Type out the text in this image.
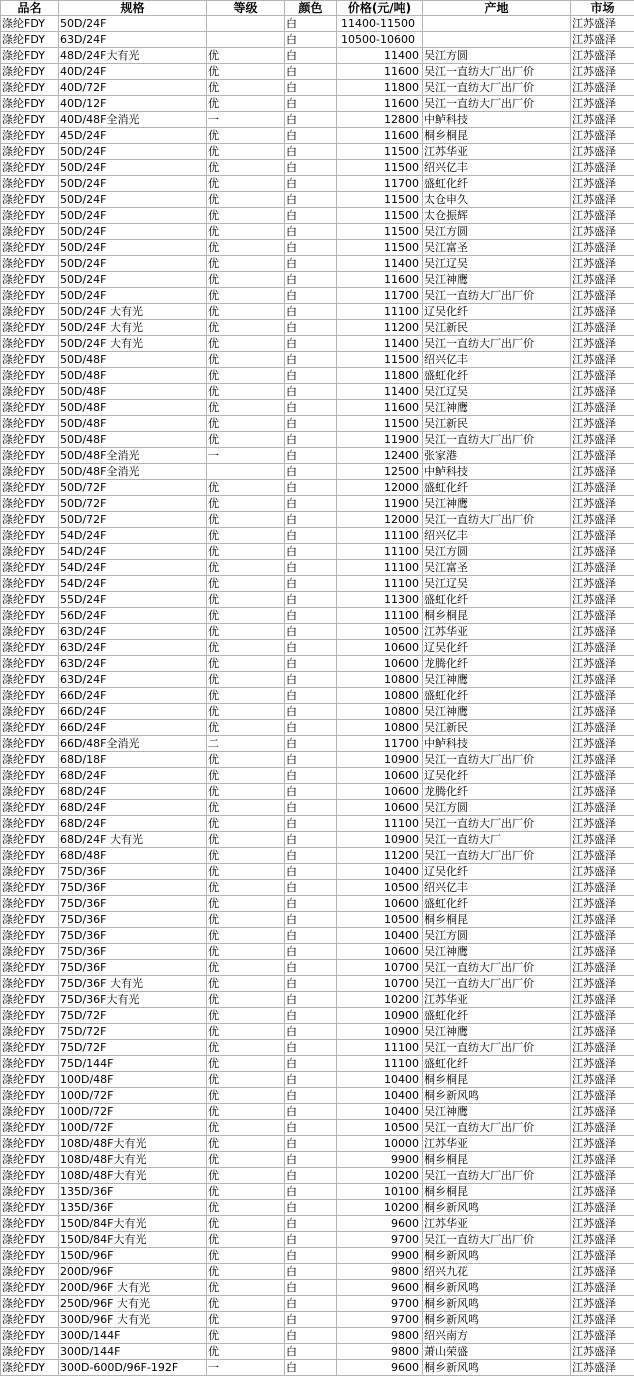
品名	规格	等级	颜色	价格(元/吨)	产地	市场
涤纶FDY	50D/24F		白	11400-11500		江苏盛泽
涤纶FDY	63D/24F		白	10500-10600		江苏盛泽
涤纶FDY	48D/24F大有光	优	白	11400	吴江方圆	江苏盛泽
涤纶FDY	40D/24F	优	白	11600	吴江一直纺大厂出厂价	江苏盛泽
涤纶FDY	40D/72F	优	白	11800	吴江一直纺大厂出厂价	江苏盛泽
涤纶FDY	40D/12F	优	白	11600	吴江一直纺大厂出厂价	江苏盛泽
涤纶FDY	40D/48F全消光	一	白	12800	中鲈科技	江苏盛泽
涤纶FDY	45D/24F	优	白	11600	桐乡桐昆	江苏盛泽
涤纶FDY	50D/24F	优	白	11500	江苏华亚	江苏盛泽
涤纶FDY	50D/24F	优	白	11500	绍兴亿丰	江苏盛泽
涤纶FDY	50D/24F	优	白	11700	盛虹化纤	江苏盛泽
涤纶FDY	50D/24F	优	白	11500	太仓申久	江苏盛泽
涤纶FDY	50D/24F	优	白	11500	太仓振辉	江苏盛泽
涤纶FDY	50D/24F	优	白	11500	吴江方圆	江苏盛泽
涤纶FDY	50D/24F	优	白	11500	吴江富圣	江苏盛泽
涤纶FDY	50D/24F	优	白	11400	吴江辽吴	江苏盛泽
涤纶FDY	50D/24F	优	白	11600	吴江神鹰	江苏盛泽
涤纶FDY	50D/24F	优	白	11700	吴江一直纺大厂出厂价	江苏盛泽
涤纶FDY	50D/24F 大有光	优	白	11100	辽吴化纤	江苏盛泽
涤纶FDY	50D/24F 大有光	优	白	11200	吴江新民	江苏盛泽
涤纶FDY	50D/24F 大有光	优	白	11400	吴江一直纺大厂出厂价	江苏盛泽
涤纶FDY	50D/48F	优	白	11500	绍兴亿丰	江苏盛泽
涤纶FDY	50D/48F	优	白	11800	盛虹化纤	江苏盛泽
涤纶FDY	50D/48F	优	白	11400	吴江辽吴	江苏盛泽
涤纶FDY	50D/48F	优	白	11600	吴江神鹰	江苏盛泽
涤纶FDY	50D/48F	优	白	11500	吴江新民	江苏盛泽
涤纶FDY	50D/48F	优	白	11900	吴江一直纺大厂出厂价	江苏盛泽
涤纶FDY	50D/48F全消光	一	白	12400	张家港	江苏盛泽
涤纶FDY	50D/48F全消光		白	12500	中鲈科技	江苏盛泽
涤纶FDY	50D/72F	优	白	12000	盛虹化纤	江苏盛泽
涤纶FDY	50D/72F	优	白	11900	吴江神鹰	江苏盛泽
涤纶FDY	50D/72F	优	白	12000	吴江一直纺大厂出厂价	江苏盛泽
涤纶FDY	54D/24F	优	白	11100	绍兴亿丰	江苏盛泽
涤纶FDY	54D/24F	优	白	11100	吴江方圆	江苏盛泽
涤纶FDY	54D/24F	优	白	11100	吴江富圣	江苏盛泽
涤纶FDY	54D/24F	优	白	11100	吴江辽吴	江苏盛泽
涤纶FDY	55D/24F	优	白	11300	盛虹化纤	江苏盛泽
涤纶FDY	56D/24F	优	白	11100	桐乡桐昆	江苏盛泽
涤纶FDY	63D/24F	优	白	10500	江苏华亚	江苏盛泽
涤纶FDY	63D/24F	优	白	10600	辽吴化纤	江苏盛泽
涤纶FDY	63D/24F	优	白	10600	龙腾化纤	江苏盛泽
涤纶FDY	63D/24F	优	白	10800	吴江神鹰	江苏盛泽
涤纶FDY	66D/24F	优	白	10800	盛虹化纤	江苏盛泽
涤纶FDY	66D/24F	优	白	10800	吴江神鹰	江苏盛泽
涤纶FDY	66D/24F	优	白	10800	吴江新民	江苏盛泽
涤纶FDY	66D/48F全消光	二	白	11700	中鲈科技	江苏盛泽
涤纶FDY	68D/18F	优	白	10900	吴江一直纺大厂出厂价	江苏盛泽
涤纶FDY	68D/24F	优	白	10600	辽吴化纤	江苏盛泽
涤纶FDY	68D/24F	优	白	10600	龙腾化纤	江苏盛泽
涤纶FDY	68D/24F	优	白	10600	吴江方圆	江苏盛泽
涤纶FDY	68D/24F	优	白	11100	吴江一直纺大厂出厂价	江苏盛泽
涤纶FDY	68D/24F 大有光	优	白	10900	吴江一直纺大厂	江苏盛泽
涤纶FDY	68D/48F	优	白	11200	吴江一直纺大厂出厂价	江苏盛泽
涤纶FDY	75D/36F	优	白	10400	辽吴化纤	江苏盛泽
涤纶FDY	75D/36F	优	白	10500	绍兴亿丰	江苏盛泽
涤纶FDY	75D/36F	优	白	10600	盛虹化纤	江苏盛泽
涤纶FDY	75D/36F	优	白	10500	桐乡桐昆	江苏盛泽
涤纶FDY	75D/36F	优	白	10400	吴江方圆	江苏盛泽
涤纶FDY	75D/36F	优	白	10600	吴江神鹰	江苏盛泽
涤纶FDY	75D/36F	优	白	10700	吴江一直纺大厂出厂价	江苏盛泽
涤纶FDY	75D/36F 大有光	优	白	10700	吴江一直纺大厂出厂价	江苏盛泽
涤纶FDY	75D/36F大有光	优	白	10200	江苏华亚	江苏盛泽
涤纶FDY	75D/72F	优	白	10900	盛虹化纤	江苏盛泽
涤纶FDY	75D/72F	优	白	10900	吴江神鹰	江苏盛泽
涤纶FDY	75D/72F	优	白	11100	吴江一直纺大厂出厂价	江苏盛泽
涤纶FDY	75D/144F	优	白	11100	盛虹化纤	江苏盛泽
涤纶FDY	100D/48F	优	白	10400	桐乡桐昆	江苏盛泽
涤纶FDY	100D/72F	优	白	10400	桐乡新风鸣	江苏盛泽
涤纶FDY	100D/72F	优	白	10400	吴江神鹰	江苏盛泽
涤纶FDY	100D/72F	优	白	10500	吴江一直纺大厂出厂价	江苏盛泽
涤纶FDY	108D/48F大有光	优	白	10000	江苏华亚	江苏盛泽
涤纶FDY	108D/48F大有光	优	白	9900	桐乡桐昆	江苏盛泽
涤纶FDY	108D/48F大有光	优	白	10200	吴江一直纺大厂出厂价	江苏盛泽
涤纶FDY	135D/36F	优	白	10100	桐乡桐昆	江苏盛泽
涤纶FDY	135D/36F	优	白	10200	桐乡新风鸣	江苏盛泽
涤纶FDY	150D/84F大有光	优	白	9600	江苏华亚	江苏盛泽
涤纶FDY	150D/84F大有光	优	白	9700	吴江一直纺大厂出厂价	江苏盛泽
涤纶FDY	150D/96F	优	白	9900	桐乡新风鸣	江苏盛泽
涤纶FDY	200D/96F	优	白	9800	绍兴九花	江苏盛泽
涤纶FDY	200D/96F 大有光	优	白	9600	桐乡新风鸣	江苏盛泽
涤纶FDY	250D/96F 大有光	优	白	9700	桐乡新风鸣	江苏盛泽
涤纶FDY	300D/96F 大有光	优	白	9700	桐乡新风鸣	江苏盛泽
涤纶FDY	300D/144F	优	白	9800	绍兴南方	江苏盛泽
涤纶FDY	300D/144F	优	白	9800	萧山荣盛	江苏盛泽
涤纶FDY	300D-600D/96F-192F	一	白	9600	桐乡新风鸣	江苏盛泽
